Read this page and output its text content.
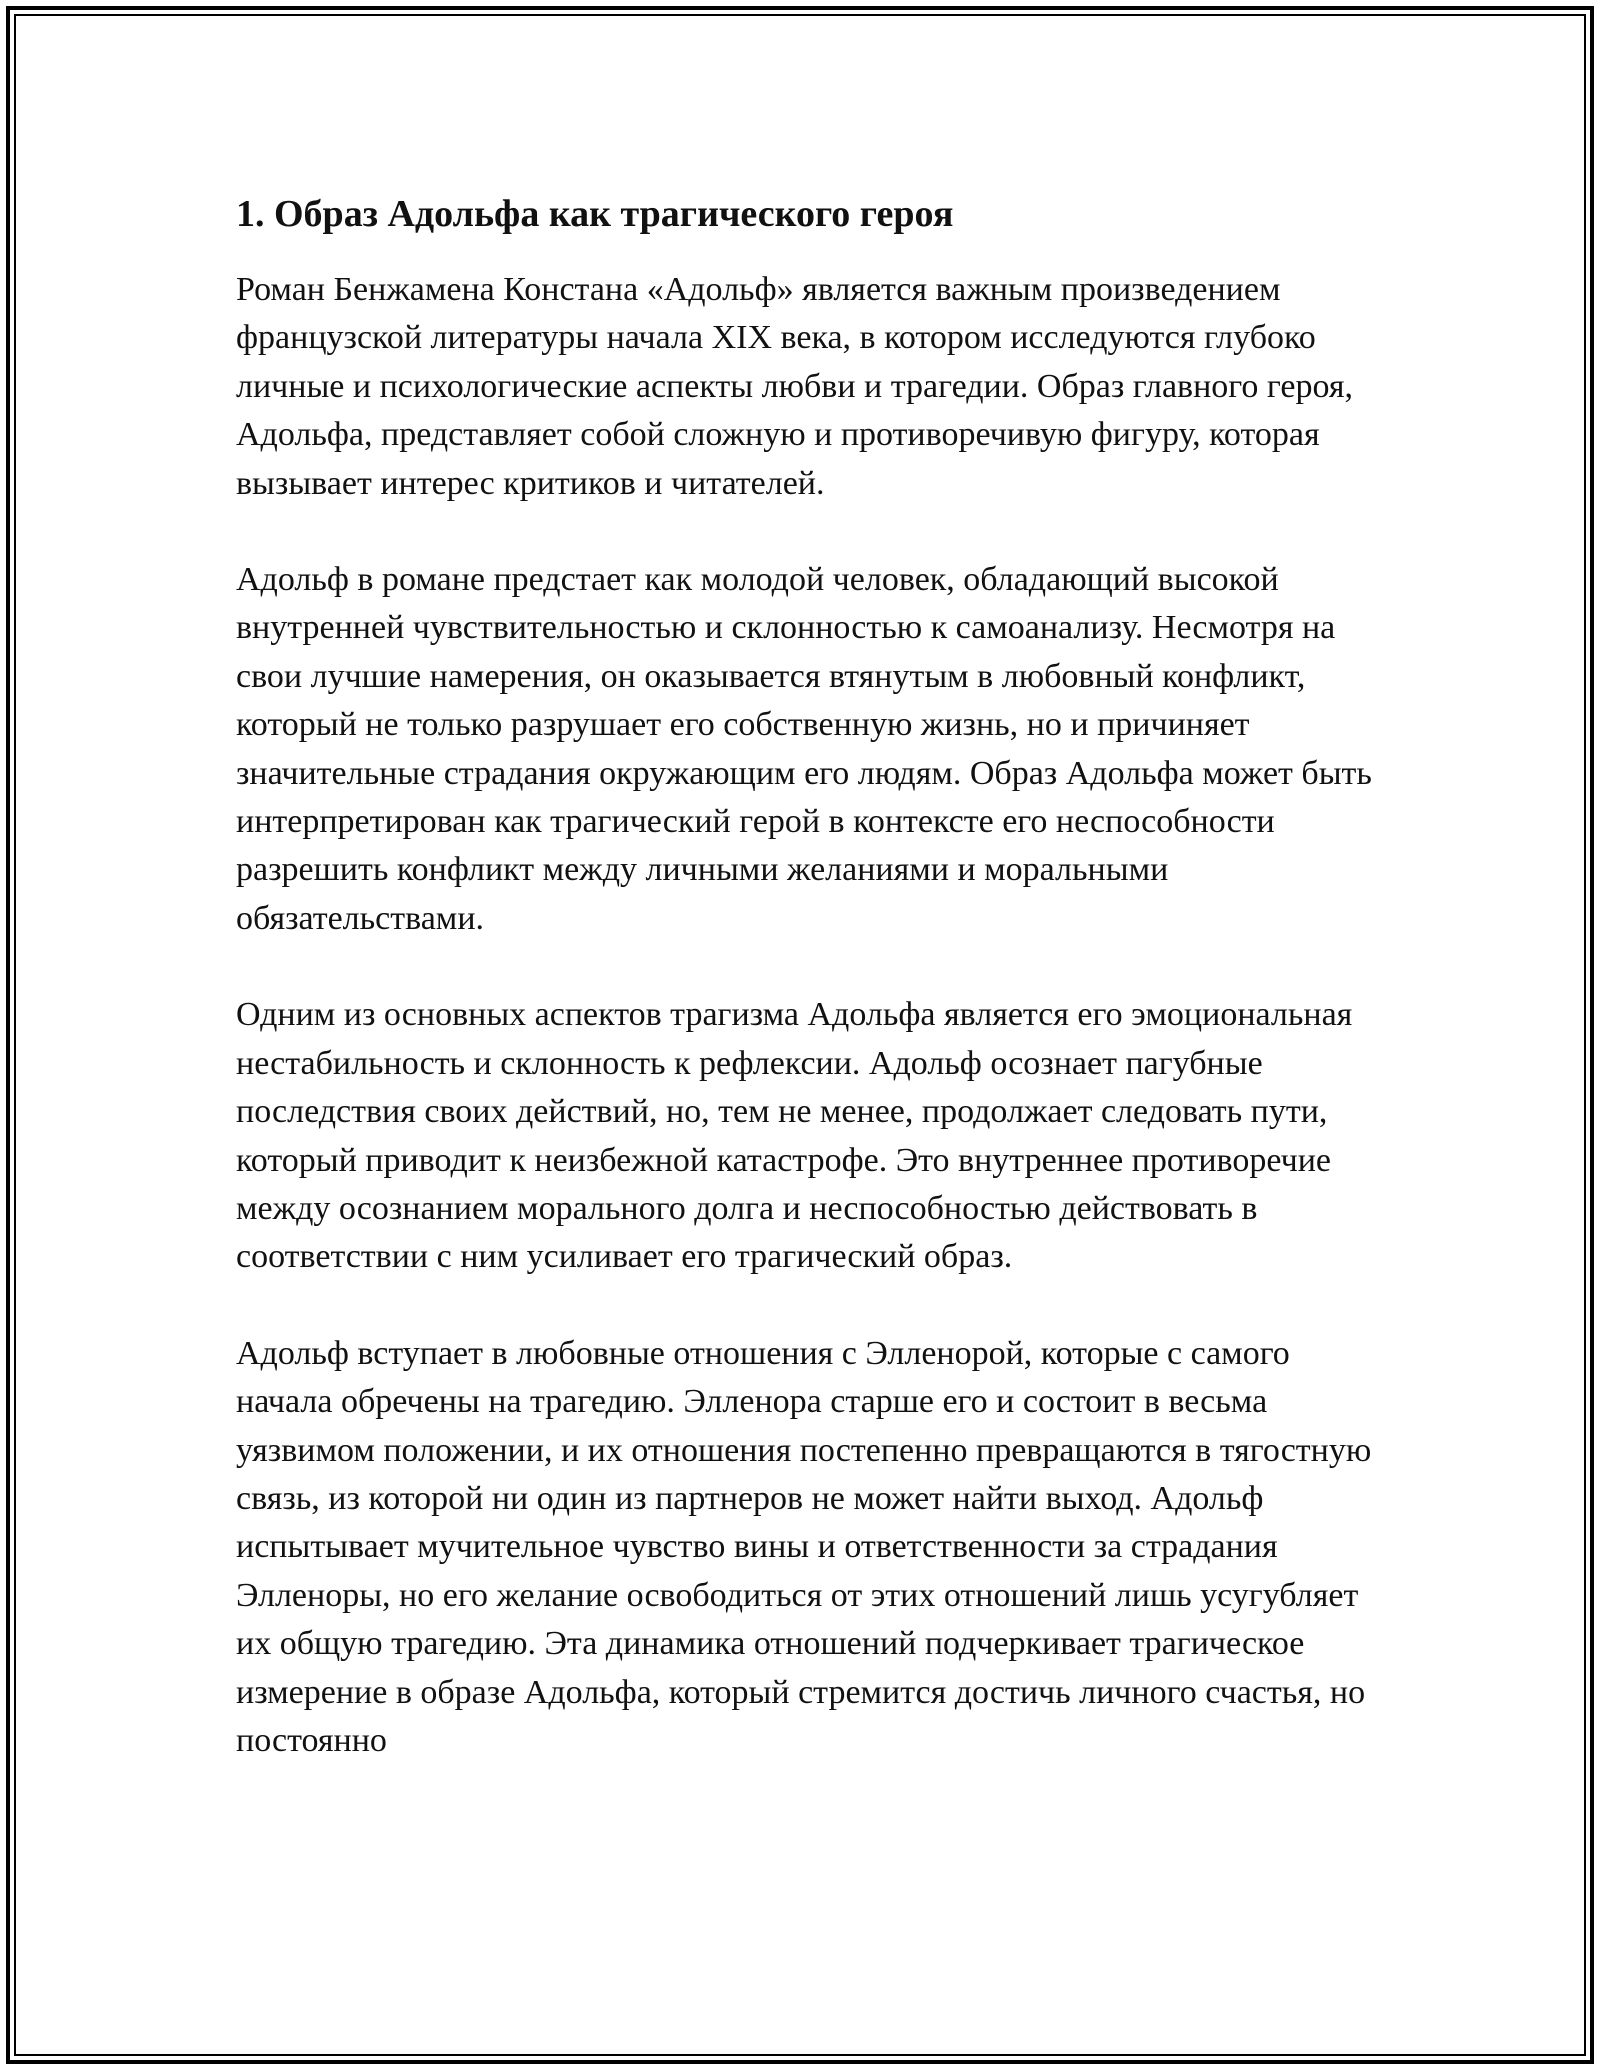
1. Образ Адольфа как трагического героя

Роман Бенжамена Констана «Адольф» является важным произведением французской литературы начала XIX века, в котором исследуются глубоко личные и психологические аспекты любви и трагедии. Образ главного героя, Адольфа, представляет собой сложную и противоречивую фигуру, которая вызывает интерес критиков и читателей.

Адольф в романе предстает как молодой человек, обладающий высокой внутренней чувствительностью и склонностью к самоанализу. Несмотря на свои лучшие намерения, он оказывается втянутым в любовный конфликт, который не только разрушает его собственную жизнь, но и причиняет значительные страдания окружающим его людям. Образ Адольфа может быть интерпретирован как трагический герой в контексте его неспособности разрешить конфликт между личными желаниями и моральными обязательствами.

Одним из основных аспектов трагизма Адольфа является его эмоциональная нестабильность и склонность к рефлексии. Адольф осознает пагубные последствия своих действий, но, тем не менее, продолжает следовать пути, который приводит к неизбежной катастрофе. Это внутреннее противоречие между осознанием морального долга и неспособностью действовать в соответствии с ним усиливает его трагический образ.

Адольф вступает в любовные отношения с Элленорой, которые с самого начала обречены на трагедию. Элленора старше его и состоит в весьма уязвимом положении, и их отношения постепенно превращаются в тягостную связь, из которой ни один из партнеров не может найти выход. Адольф испытывает мучительное чувство вины и ответственности за страдания Элленоры, но его желание освободиться от этих отношений лишь усугубляет их общую трагедию. Эта динамика отношений подчеркивает трагическое измерение в образе Адольфа, который стремится достичь личного счастья, но постоянно
